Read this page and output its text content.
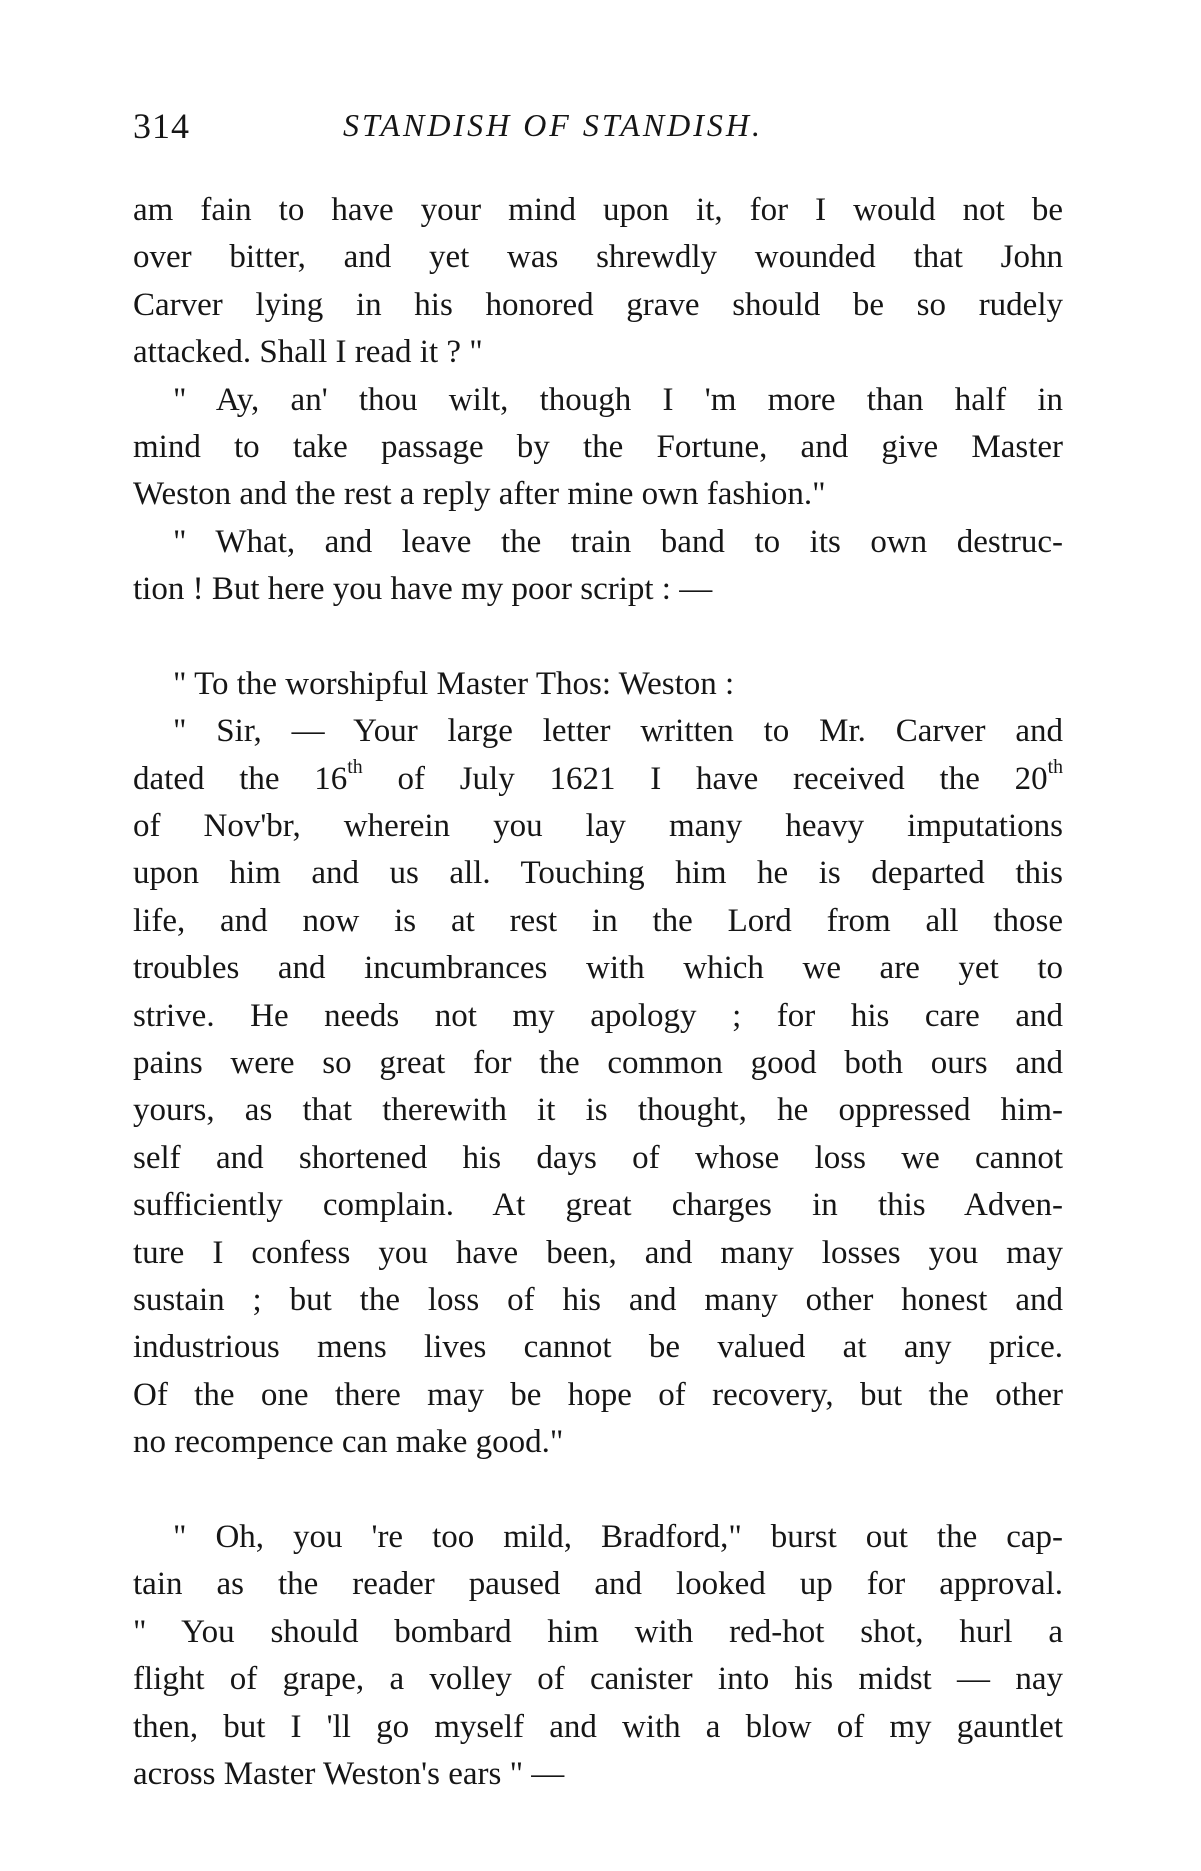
314	STANDISH OF STANDISH.
am fain to have your mind upon it, for I would not be
over bitter, and yet was shrewdly wounded that John
Carver lying in his honored grave should be so rudely
attacked. Shall I read it ? "
" Ay, an' thou wilt, though I 'm more than half in
mind to take passage by the Fortune, and give Master
Weston and the rest a reply after mine own fashion."
" What, and leave the train band to its own destruc-
tion ! But here you have my poor script : —
" To the worshipful Master Thos: Weston :
" Sir, — Your large letter written to Mr. Carver and
dated the 16th of July 1621 I have received the 20th
of Nov'br, wherein you lay many heavy imputations
upon him and us all. Touching him he is departed this
life, and now is at rest in the Lord from all those
troubles and incumbrances with which we are yet to
strive. He needs not my apology ; for his care and
pains were so great for the common good both ours and
yours, as that therewith it is thought, he oppressed him-
self and shortened his days of whose loss we cannot
sufficiently complain. At great charges in this Adven-
ture I confess you have been, and many losses you may
sustain ; but the loss of his and many other honest and
industrious mens lives cannot be valued at any price.
Of the one there may be hope of recovery, but the other
no recompence can make good."
" Oh, you 're too mild, Bradford," burst out the cap-
tain as the reader paused and looked up for approval.
" You should bombard him with red-hot shot, hurl a
flight of grape, a volley of canister into his midst — nay
then, but I 'll go myself and with a blow of my gauntlet
across Master Weston's ears " —
